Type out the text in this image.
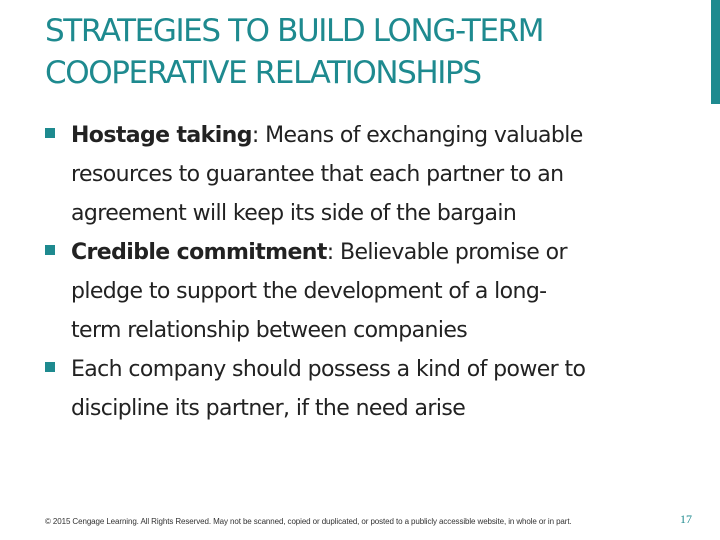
STRATEGIES TO BUILD LONG-TERM
COOPERATIVE RELATIONSHIPS
Hostage taking: Means of exchanging valuable
resources to guarantee that each partner to an
agreement will keep its side of the bargain
Credible commitment: Believable promise or
pledge to support the development of a long-
term relationship between companies
Each company should possess a kind of power to
discipline its partner, if the need arise
© 2015 Cengage Learning. All Rights Reserved. May not be scanned, copied or duplicated, or posted to a publicly accessible website, in whole or in part.	17
